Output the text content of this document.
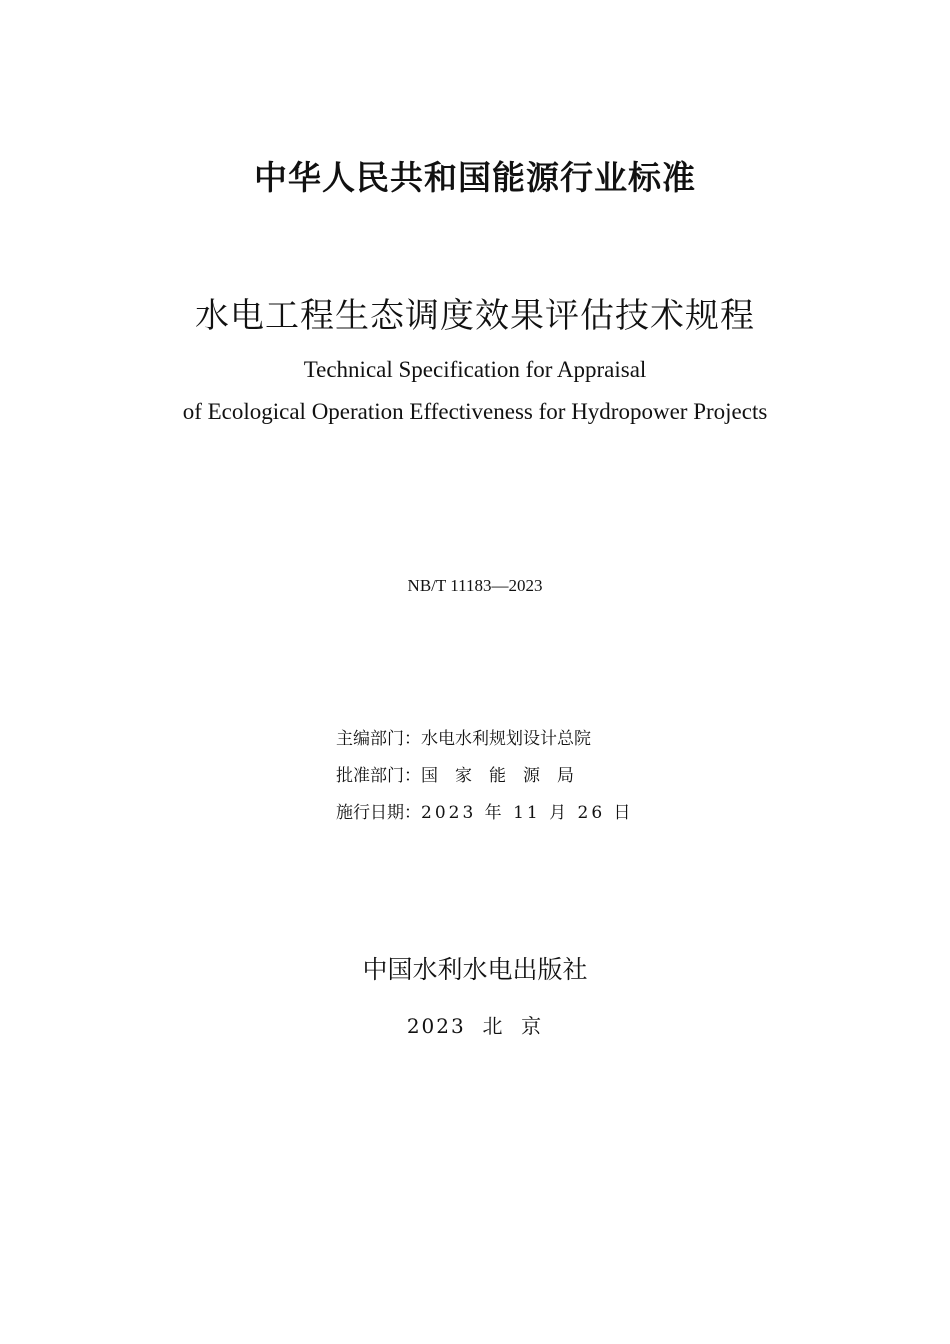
中华人民共和国能源行业标准
水电工程生态调度效果评估技术规程
Technical Specification for Appraisal
of Ecological Operation Effectiveness for Hydropower Projects
NB/T 11183—2023
主编部门：水电水利规划设计总院
批准部门：国家能源局
施行日期：2023 年 11 月 26 日
中国水利水电出版社
2023  北  京
